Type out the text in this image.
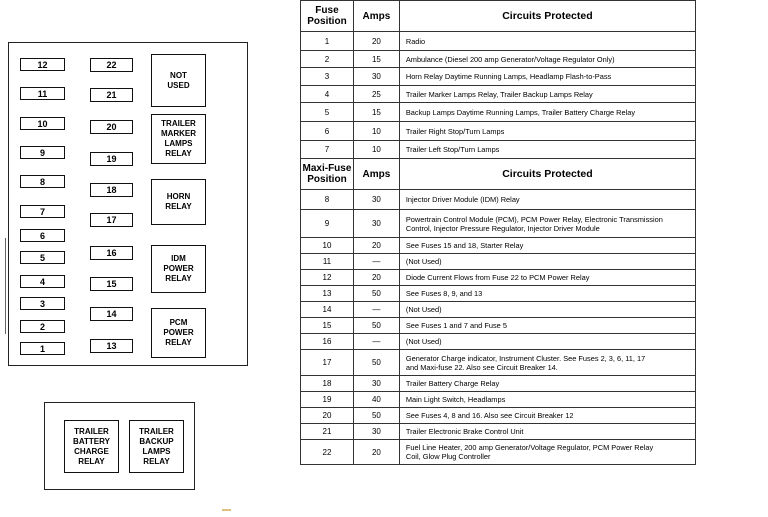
TRAILER
BATTERY
CHARGE
RELAY
TRAILER
BACKUP
LAMPS
RELAY
Fuse
Position	Amps	Circuits Protected
1	20	Radio
2	15	Ambulance (Diesel 200 amp Generator/Voltage Regulator Only)
3	30	Horn Relay Daytime Running Lamps, Headlamp Flash-to-Pass
4	25	Trailer Marker Lamps Relay, Trailer Backup Lamps Relay
5	15	Backup Lamps Daytime Running Lamps, Trailer Battery Charge Relay
6	10	Trailer Right Stop/Turn Lamps
7	10	Trailer Left Stop/Turn Lamps
Maxi-Fuse
Position	Amps	Circuits Protected
8	30	Injector Driver Module (IDM) Relay
9	30	Powertrain Control Module (PCM), PCM Power Relay, Electronic Transmission
Control, Injector Pressure Regulator, Injector Driver Module
10	20	See Fuses 15 and 18, Starter Relay
11	—	(Not Used)
12	20	Diode Current Flows from Fuse 22 to PCM Power Relay
13	50	See Fuses 8, 9, and 13
14	—	(Not Used)
15	50	See Fuses 1 and 7 and Fuse 5
16	—	(Not Used)
17	50	Generator Charge indicator, Instrument Cluster. See Fuses 2, 3, 6, 11, 17
and Maxi-fuse 22. Also see Circuit Breaker 14.
18	30	Trailer Battery Charge Relay
19	40	Main Light Switch, Headlamps
20	50	See Fuses 4, 8 and 16. Also see Circuit Breaker 12
21	30	Trailer Electronic Brake Control Unit
22	20	Fuel Line Heater, 200 amp Generator/Voltage Regulator, PCM Power Relay
Coil, Glow Plug Controller
12
11
10
9
8
7
6
5
4
3
2
1
22
21
20
19
18
17
16
15
14
13
NOT
USED
TRAILER
MARKER
LAMPS
RELAY
HORN
RELAY
IDM
POWER
RELAY
PCM
POWER
RELAY
